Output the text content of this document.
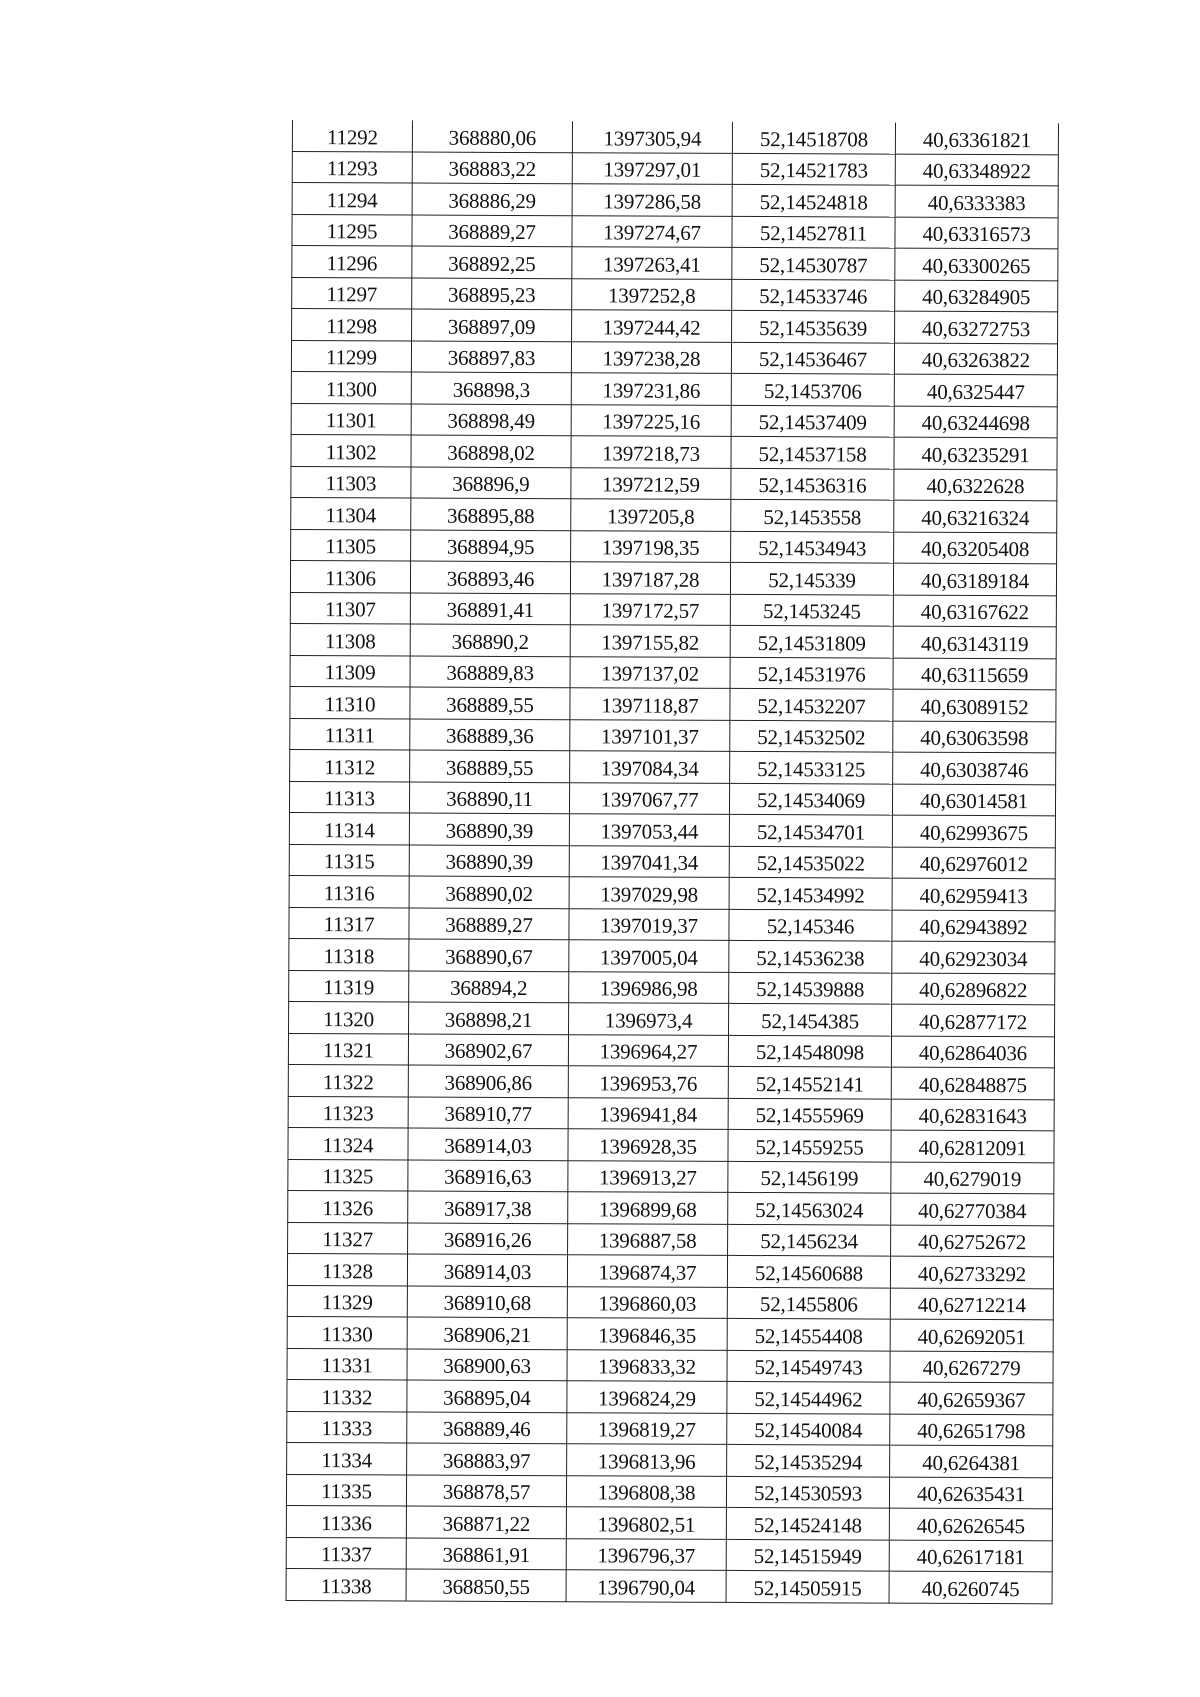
11292	368880,06	1397305,94	52,14518708	40,63361821
11293	368883,22	1397297,01	52,14521783	40,63348922
11294	368886,29	1397286,58	52,14524818	40,6333383
11295	368889,27	1397274,67	52,14527811	40,63316573
11296	368892,25	1397263,41	52,14530787	40,63300265
11297	368895,23	1397252,8	52,14533746	40,63284905
11298	368897,09	1397244,42	52,14535639	40,63272753
11299	368897,83	1397238,28	52,14536467	40,63263822
11300	368898,3	1397231,86	52,1453706	40,6325447
11301	368898,49	1397225,16	52,14537409	40,63244698
11302	368898,02	1397218,73	52,14537158	40,63235291
11303	368896,9	1397212,59	52,14536316	40,6322628
11304	368895,88	1397205,8	52,1453558	40,63216324
11305	368894,95	1397198,35	52,14534943	40,63205408
11306	368893,46	1397187,28	52,145339	40,63189184
11307	368891,41	1397172,57	52,1453245	40,63167622
11308	368890,2	1397155,82	52,14531809	40,63143119
11309	368889,83	1397137,02	52,14531976	40,63115659
11310	368889,55	1397118,87	52,14532207	40,63089152
11311	368889,36	1397101,37	52,14532502	40,63063598
11312	368889,55	1397084,34	52,14533125	40,63038746
11313	368890,11	1397067,77	52,14534069	40,63014581
11314	368890,39	1397053,44	52,14534701	40,62993675
11315	368890,39	1397041,34	52,14535022	40,62976012
11316	368890,02	1397029,98	52,14534992	40,62959413
11317	368889,27	1397019,37	52,145346	40,62943892
11318	368890,67	1397005,04	52,14536238	40,62923034
11319	368894,2	1396986,98	52,14539888	40,62896822
11320	368898,21	1396973,4	52,1454385	40,62877172
11321	368902,67	1396964,27	52,14548098	40,62864036
11322	368906,86	1396953,76	52,14552141	40,62848875
11323	368910,77	1396941,84	52,14555969	40,62831643
11324	368914,03	1396928,35	52,14559255	40,62812091
11325	368916,63	1396913,27	52,1456199	40,6279019
11326	368917,38	1396899,68	52,14563024	40,62770384
11327	368916,26	1396887,58	52,1456234	40,62752672
11328	368914,03	1396874,37	52,14560688	40,62733292
11329	368910,68	1396860,03	52,1455806	40,62712214
11330	368906,21	1396846,35	52,14554408	40,62692051
11331	368900,63	1396833,32	52,14549743	40,6267279
11332	368895,04	1396824,29	52,14544962	40,62659367
11333	368889,46	1396819,27	52,14540084	40,62651798
11334	368883,97	1396813,96	52,14535294	40,6264381
11335	368878,57	1396808,38	52,14530593	40,62635431
11336	368871,22	1396802,51	52,14524148	40,62626545
11337	368861,91	1396796,37	52,14515949	40,62617181
11338	368850,55	1396790,04	52,14505915	40,6260745
